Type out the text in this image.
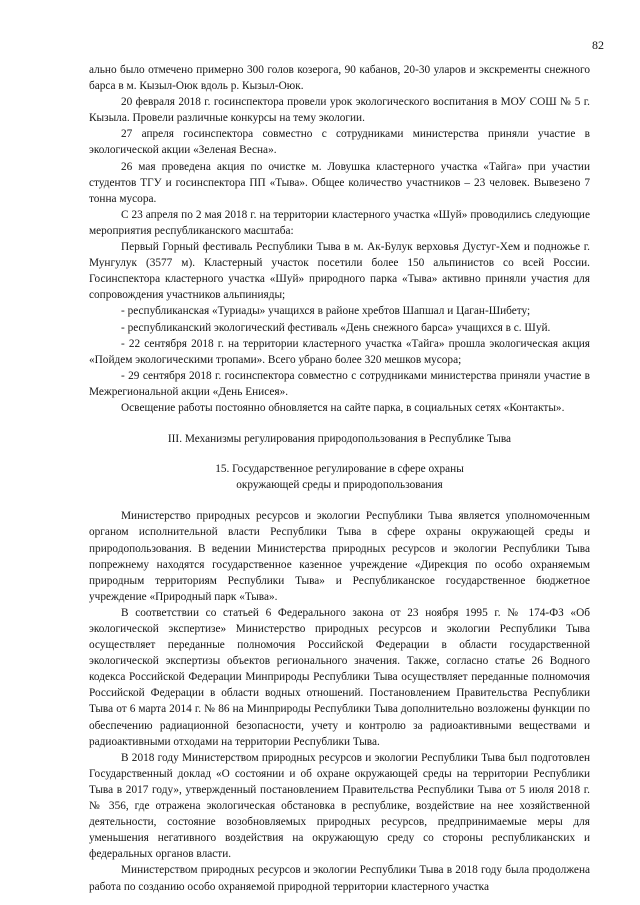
82

ально было отмечено примерно 300 голов козерога, 90 кабанов, 20-30 уларов и экскременты снежного барса в м. Кызыл-Оюк вдоль р. Кызыл-Оюк.

20 февраля 2018 г. госинспектора провели урок экологического воспитания в МОУ СОШ № 5 г. Кызыла. Провели различные конкурсы на тему экологии.

27 апреля госинспектора совместно с сотрудниками министерства приняли участие в экологической акции «Зеленая Весна».

26 мая проведена акция по очистке м. Ловушка кластерного участка «Тайга» при участии студентов ТГУ и госинспектора ПП «Тыва». Общее количество участников – 23 человек. Вывезено 7 тонна мусора.

С 23 апреля по 2 мая 2018 г. на территории кластерного участка «Шуй» проводились следующие мероприятия республиканского масштаба:

Первый Горный фестиваль Республики Тыва в м. Ак-Булук верховья Дустуг-Хем и подножье г. Мунгулук (3577 м). Кластерный участок посетили более 150 альпинистов со всей России. Госинспектора кластерного участка «Шуй» природного парка «Тыва» активно приняли участия для сопровождения участников альпинияды;

- республиканская «Туриады» учащихся в районе хребтов Шапшал и Цаган-Шибету;

- республиканский экологический фестиваль «День снежного барса» учащихся в с. Шуй.

- 22 сентября 2018 г. на территории кластерного участка «Тайга» прошла экологическая акция «Пойдем экологическими тропами». Всего убрано более 320 мешков мусора;

- 29 сентября 2018 г. госинспектора совместно с сотрудниками министерства приняли участие в Межрегиональной акции «День Енисея».

Освещение работы постоянно обновляется на сайте парка, в социальных сетях «Контакты».

III. Механизмы регулирования природопользования в Республике Тыва

15. Государственное регулирование в сфере охраны

окружающей среды и природопользования

Министерство природных ресурсов и экологии Республики Тыва является уполномоченным органом исполнительной власти Республики Тыва в сфере охраны окружающей среды и природопользования. В ведении Министерства природных ресурсов и экологии Республики Тыва попрежнему находятся государственное казенное учреждение «Дирекция по особо охраняемым природным территориям Республики Тыва» и Республиканское государственное бюджетное учреждение «Природный парк «Тыва».

В соответствии со статьей 6 Федерального закона от 23 ноября 1995 г. № 174-ФЗ «Об экологической экспертизе» Министерство природных ресурсов и экологии Республики Тыва осуществляет переданные полномочия Российской Федерации в области государственной экологической экспертизы объектов регионального значения. Также, согласно статье 26 Водного кодекса Российской Федерации Минприроды Республики Тыва осуществляет переданные полномочия Российской Федерации в области водных отношений. Постановлением Правительства Республики Тыва от 6 марта 2014 г. № 86 на Минприроды Республики Тыва дополнительно возложены функции по обеспечению радиационной безопасности, учету и контролю за радиоактивными веществами и радиоактивными отходами на территории Республики Тыва.

В 2018 году Министерством природных ресурсов и экологии Республики Тыва был подготовлен Государственный доклад «О состоянии и об охране окружающей среды на территории Республики Тыва в 2017 году», утвержденный постановлением Правительства Республики Тыва от 5 июля 2018 г. № 356, где отражена экологическая обстановка в республике, воздействие на нее хозяйственной деятельности, состояние возобновляемых природных ресурсов, предпринимаемые меры для уменьшения негативного воздействия на окружающую среду со стороны республиканских и федеральных органов власти.

Министерством природных ресурсов и экологии Республики Тыва в 2018 году была продолжена работа по созданию особо охраняемой природной территории кластерного участка
